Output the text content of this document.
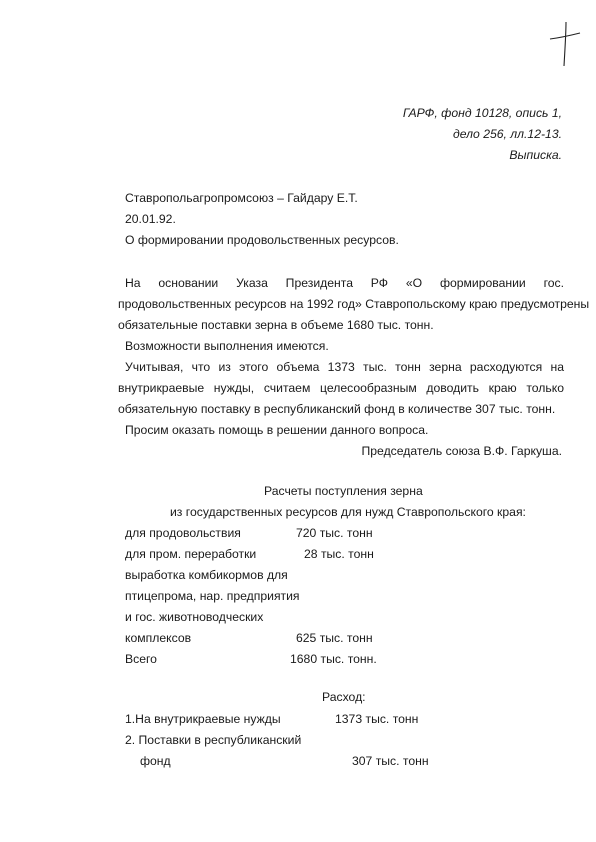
ГАРФ, фонд 10128, опись 1,
дело 256, лл.12-13.
Выписка.
Ставропольагропромсоюз – Гайдару Е.Т.
20.01.92.
О формировании продовольственных ресурсов.
На основании Указа Президента РФ «О формировании гос.
продовольственных ресурсов на 1992 год» Ставропольскому краю предусмотрены
обязательные поставки зерна в объеме 1680 тыс. тонн.
Возможности выполнения имеются.
Учитывая, что из этого объема 1373 тыс. тонн зерна расходуются на
внутрикраевые нужды, считаем целесообразным доводить краю только
обязательную поставку в республиканский фонд в количестве 307 тыс. тонн.
Просим оказать помощь в решении данного вопроса.
Председатель союза В.Ф. Гаркуша.
Расчеты поступления зерна
из государственных ресурсов для нужд Ставропольского края:
для продовольствия	720 тыс. тонн
для пром. переработки	28 тыс. тонн
выработка комбикормов для
птицепрома, нар. предприятия
и гос. животноводческих
комплексов	625 тыс. тонн
Всего	1680 тыс. тонн.
Расход:
1.На внутрикраевые нужды	1373 тыс. тонн
2. Поставки в республиканский
фонд	307 тыс. тонн
